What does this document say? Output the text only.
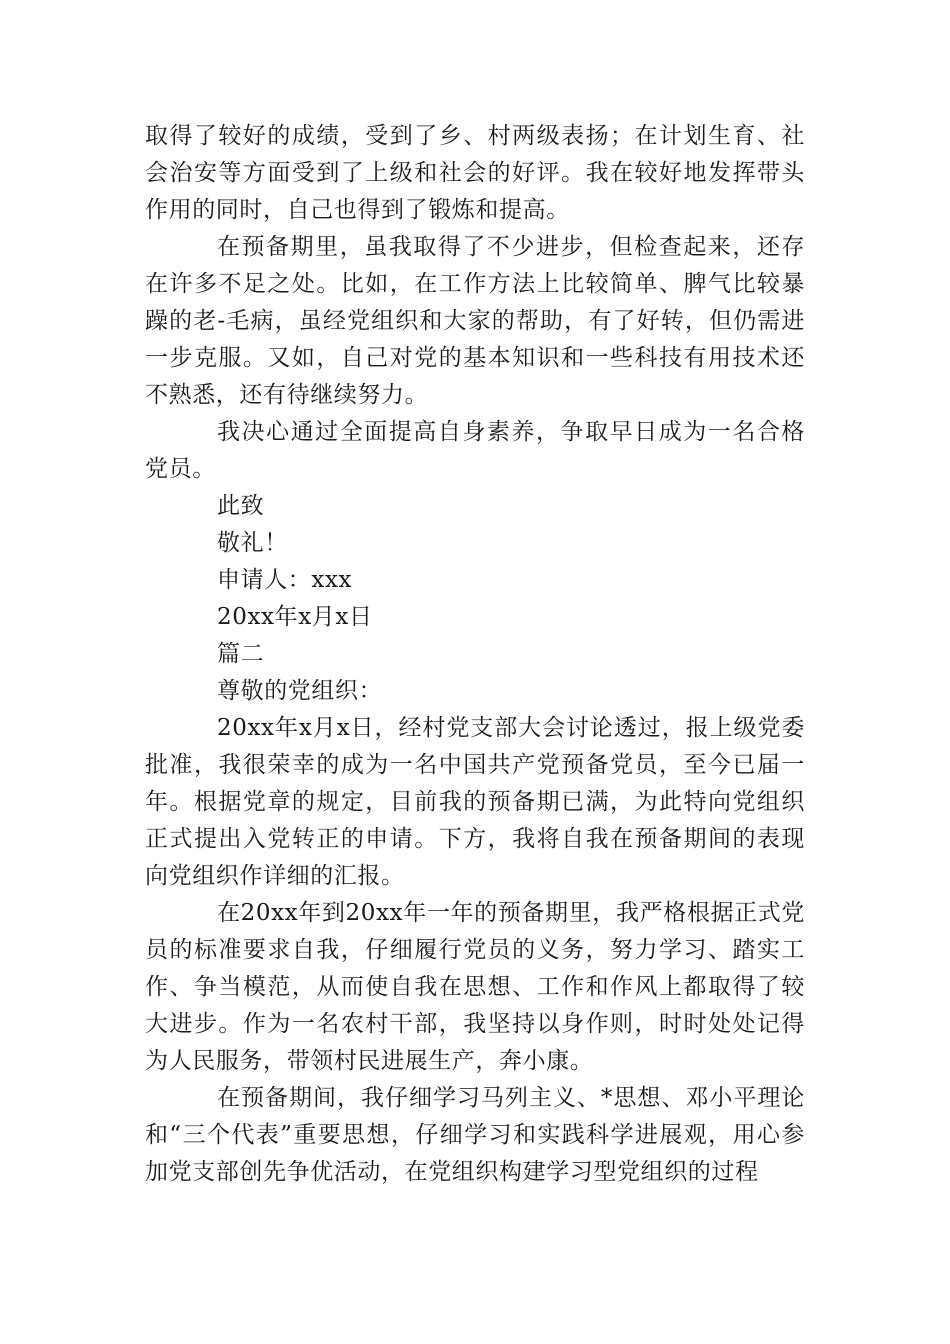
取得了较好的成绩，受到了乡、村两级表扬；在计划生育、社会治安等方面受到了上级和社会的好评。我在较好地发挥带头作用的同时，自己也得到了锻炼和提高。

在预备期里，虽我取得了不少进步，但检查起来，还存在许多不足之处。比如，在工作方法上比较简单、脾气比较暴躁的老-毛病，虽经党组织和大家的帮助，有了好转，但仍需进一步克服。又如，自己对党的基本知识和一些科技有用技术还不熟悉，还有待继续努力。

我决心通过全面提高自身素养，争取早日成为一名合格党员。

此致

敬礼！

申请人：xxx

20xx年x月x日

篇二

尊敬的党组织：

20xx年x月x日，经村党支部大会讨论透过，报上级党委批准，我很荣幸的成为一名中国共产党预备党员，至今已届一年。根据党章的规定，目前我的预备期已满，为此特向党组织正式提出入党转正的申请。下方，我将自我在预备期间的表现向党组织作详细的汇报。

在20xx年到20xx年一年的预备期里，我严格根据正式党员的标准要求自我，仔细履行党员的义务，努力学习、踏实工作、争当模范，从而使自我在思想、工作和作风上都取得了较大进步。作为一名农村干部，我坚持以身作则，时时处处记得为人民服务，带领村民进展生产，奔小康。

在预备期间，我仔细学习马列主义、*思想、邓小平理论和“三个代表”重要思想，仔细学习和实践科学进展观，用心参加党支部创先争优活动，在党组织构建学习型党组织的过程
